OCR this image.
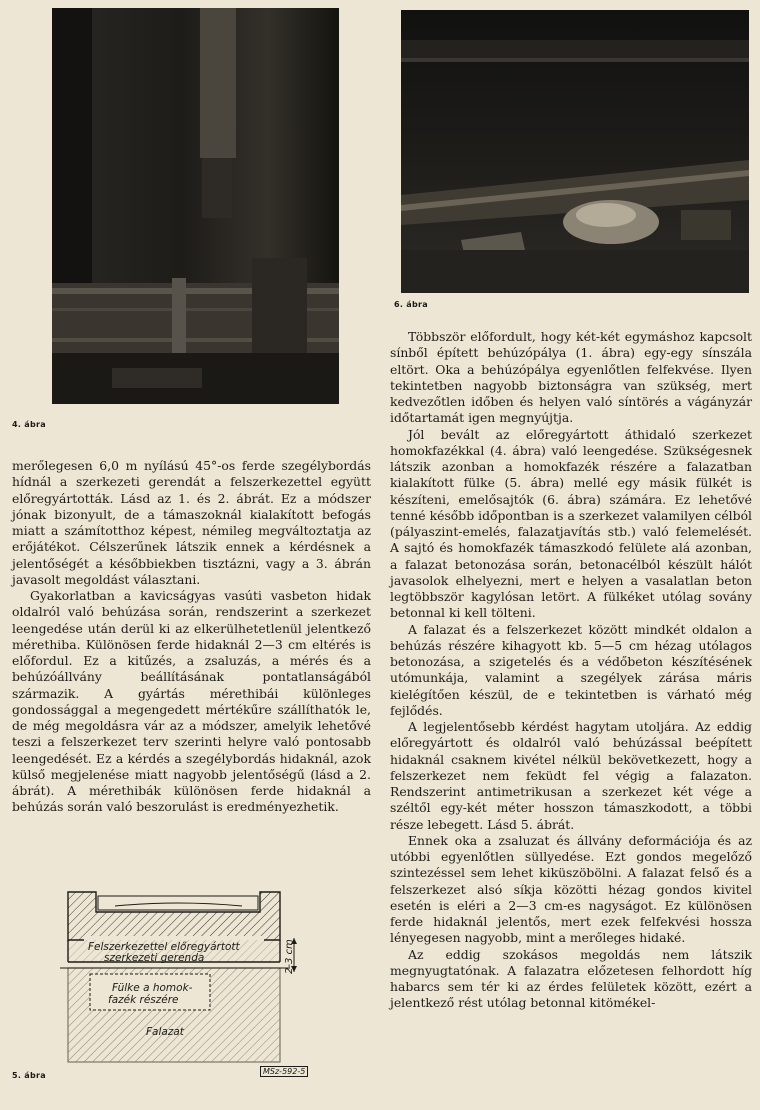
4. ábra
6. ábra

merőlegesen 6,0 m nyílású 45°-os ferde szegélybordás hídnál a szerkezeti gerendát a felszerkezettel együtt előregyártották. Lásd az 1. és 2. ábrát. Ez a módszer jónak bizonyult, de a támaszoknál kialakított befogás miatt a számítotthoz képest, némileg megváltoztatja az erőjátékot. Célszerűnek látszik ennek a kérdésnek a jelentőségét a későbbiekben tisztázni, vagy a 3. ábrán javasolt megoldást választani.

Gyakorlatban a kavicságyas vasúti vasbeton hidak oldalról való behúzása során, rendszerint a szerkezet leengedése után derül ki az elkerülhetetlenül jelentkező mérethiba. Különösen ferde hidaknál 2—3 cm eltérés is előfordul. Ez a kitűzés, a zsaluzás, a mérés és a behúzóállvány beállításának pontatlanságából származik. A gyártás mérethibái különleges gondossággal a megengedett mértékűre szállíthatók le, de még megoldásra vár az a módszer, amelyik lehetővé teszi a felszerkezet terv szerinti helyre való pontosabb leengedését. Ez a kérdés a szegélybordás hidaknál, azok külső megjelenése miatt nagyobb jelentőségű (lásd a 2. ábrát). A mérethibák különösen ferde hidaknál a behúzás során való beszorulást is eredményezhetik.

Többször előfordult, hogy két-két egymáshoz kapcsolt sínből épített behúzópálya (1. ábra) egy-egy sínszála eltört. Oka a behúzópálya egyenlőtlen felfekvése. Ilyen tekintetben nagyobb biztonságra van szükség, mert kedvezőtlen időben és helyen való síntörés a vágányzár időtartamát igen megnyújtja.

Jól bevált az előregyártott áthidaló szerkezet homokfazékkal (4. ábra) való leengedése. Szükségesnek látszik azonban a homokfazék részére a falazatban kialakított fülke (5. ábra) mellé egy másik fülkét is készíteni, emelősajtók (6. ábra) számára. Ez lehetővé tenné később időpontban is a szerkezet valamilyen célból (pályaszint-emelés, falazatjavítás stb.) való felemelését. A sajtó és homokfazék támaszkodó felülete alá azonban, a falazat betonozása során, betonacélból készült hálót javasolok elhelyezni, mert e helyen a vasalatlan beton legtöbbször kagylósan letört. A fülkéket utólag sovány betonnal ki kell tölteni.

A falazat és a felszerkezet között mindkét oldalon a behúzás részére kihagyott kb. 5—5 cm hézag utólagos betonozása, a szigetelés és a védőbeton készítésének utómunkája, valamint a szegélyek zárása máris kielégítően készül, de e tekintetben is várható még fejlődés.

A legjelentősebb kérdést hagytam utoljára. Az eddig előregyártott és oldalról való behúzással beépített hidaknál csaknem kivétel nélkül bekövetkezett, hogy a felszerkezet nem feküdt fel végig a falazaton. Rendszerint antimetrikusan a szerkezet két vége a széltől egy-két méter hosszon támaszkodott, a többi része lebegett. Lásd 5. ábrát.

Ennek oka a zsaluzat és állvány deformációja és az utóbbi egyenlőtlen süllyedése. Ezt gondos megelőző szintezéssel sem lehet kiküszöbölni. A falazat felső és a felszerkezet alsó síkja közötti hézag gondos kivitel esetén is eléri a 2—3 cm-es nagyságot. Ez különösen ferde hidaknál jelentős, mert ezek felfekvési hossza lényegesen nagyobb, mint a merőleges hidaké.

Az eddig szokásos megoldás nem látszik megnyugtatónak. A falazatra előzetesen felhordott híg habarcs sem tér ki az érdes felületek között, ezért a jelentkező rést utólag betonnal kitömékel-

2-3 cm
Felszerkezettel előregyártott
szerkezeti gerenda
Fülke a homok-
fazék részére
Falazat
5. ábra	MSz-592-5
